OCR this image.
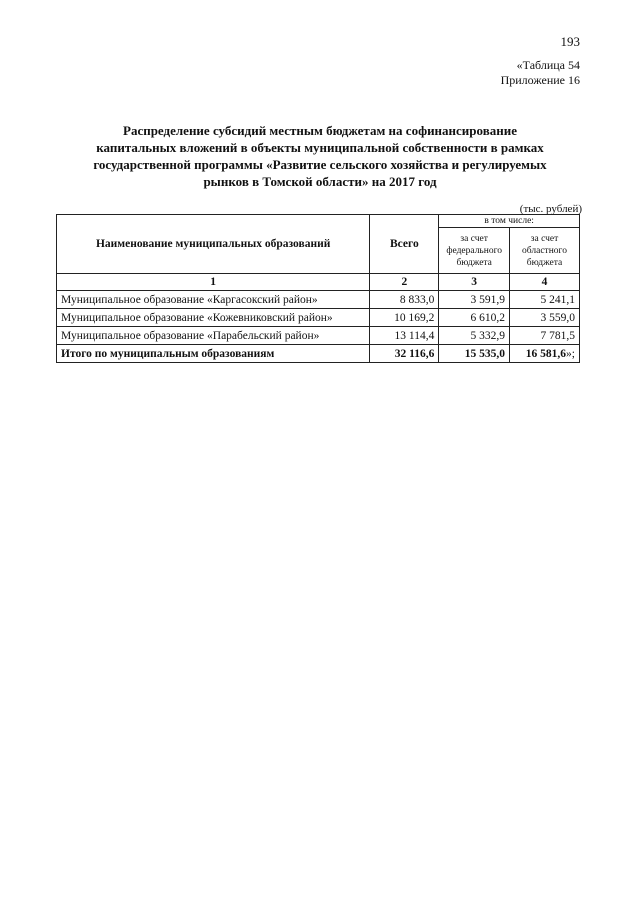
193
«Таблица 54
Приложение 16
Распределение субсидий местным бюджетам на софинансирование
капитальных вложений в объекты муниципальной собственности в рамках
государственной программы «Развитие сельского хозяйства и регулируемых
рынков в Томской области» на 2017 год
(тыс. рублей)
Наименование муниципальных образований	Всего	в том числе:	
		за счет федерального бюджета	за счет областного бюджета
1	2	3	4
Муниципальное образование «Каргасокский район»	8 833,0	3 591,9	5 241,1
Муниципальное образование «Кожевниковский район»	10 169,2	6 610,2	3 559,0
Муниципальное образование «Парабельский район»	13 114,4	5 332,9	7 781,5
Итого по муниципальным образованиям	32 116,6	15 535,0	16 581,6»;
